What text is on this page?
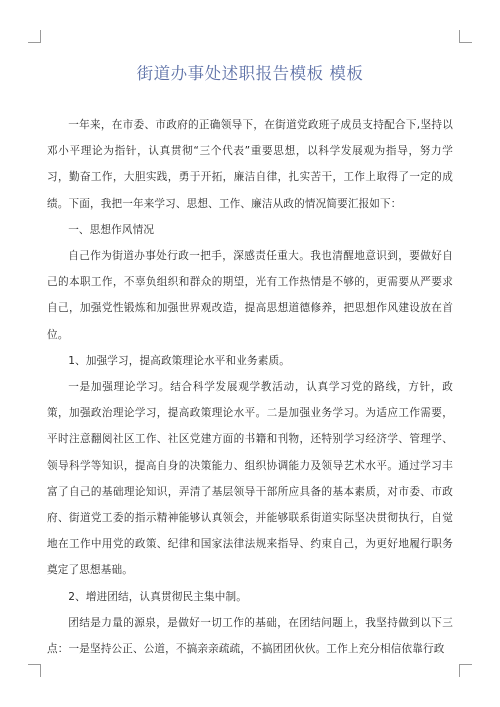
街道办事处述职报告模板 模板

一年来，在市委、市政府的正确领导下，在街道党政班子成员支持配合下,坚持以邓小平理论为指针，认真贯彻“三个代表”重要思想，以科学发展观为指导，努力学习，勤奋工作，大胆实践，勇于开拓，廉洁自律，扎实苦干，工作上取得了一定的成绩。下面，我把一年来学习、思想、工作、廉洁从政的情况简要汇报如下：

一、思想作风情况

自己作为街道办事处行政一把手，深感责任重大。我也清醒地意识到，要做好自己的本职工作，不辜负组织和群众的期望，光有工作热情是不够的，更需要从严要求自己，加强党性锻炼和加强世界观改造，提高思想道德修养，把思想作风建设放在首位。

1、加强学习，提高政策理论水平和业务素质。

一是加强理论学习。结合科学发展观学教活动，认真学习党的路线，方针，政策，加强政治理论学习，提高政策理论水平。二是加强业务学习。为适应工作需要，平时注意翻阅社区工作、社区党建方面的书籍和刊物，还特别学习经济学、管理学、领导科学等知识，提高自身的决策能力、组织协调能力及领导艺术水平。通过学习丰富了自己的基础理论知识，弄清了基层领导干部所应具备的基本素质，对市委、市政府、街道党工委的指示精神能够认真领会，并能够联系街道实际坚决贯彻执行，自觉地在工作中用党的政策、纪律和国家法律法规来指导、约束自己，为更好地履行职务奠定了思想基础。

2、增进团结，认真贯彻民主集中制。

团结是力量的源泉，是做好一切工作的基础，在团结问题上，我坚持做到以下三点：一是坚持公正、公道，不搞亲亲疏疏，不搞团团伙伙。工作上充分相信依靠行政
